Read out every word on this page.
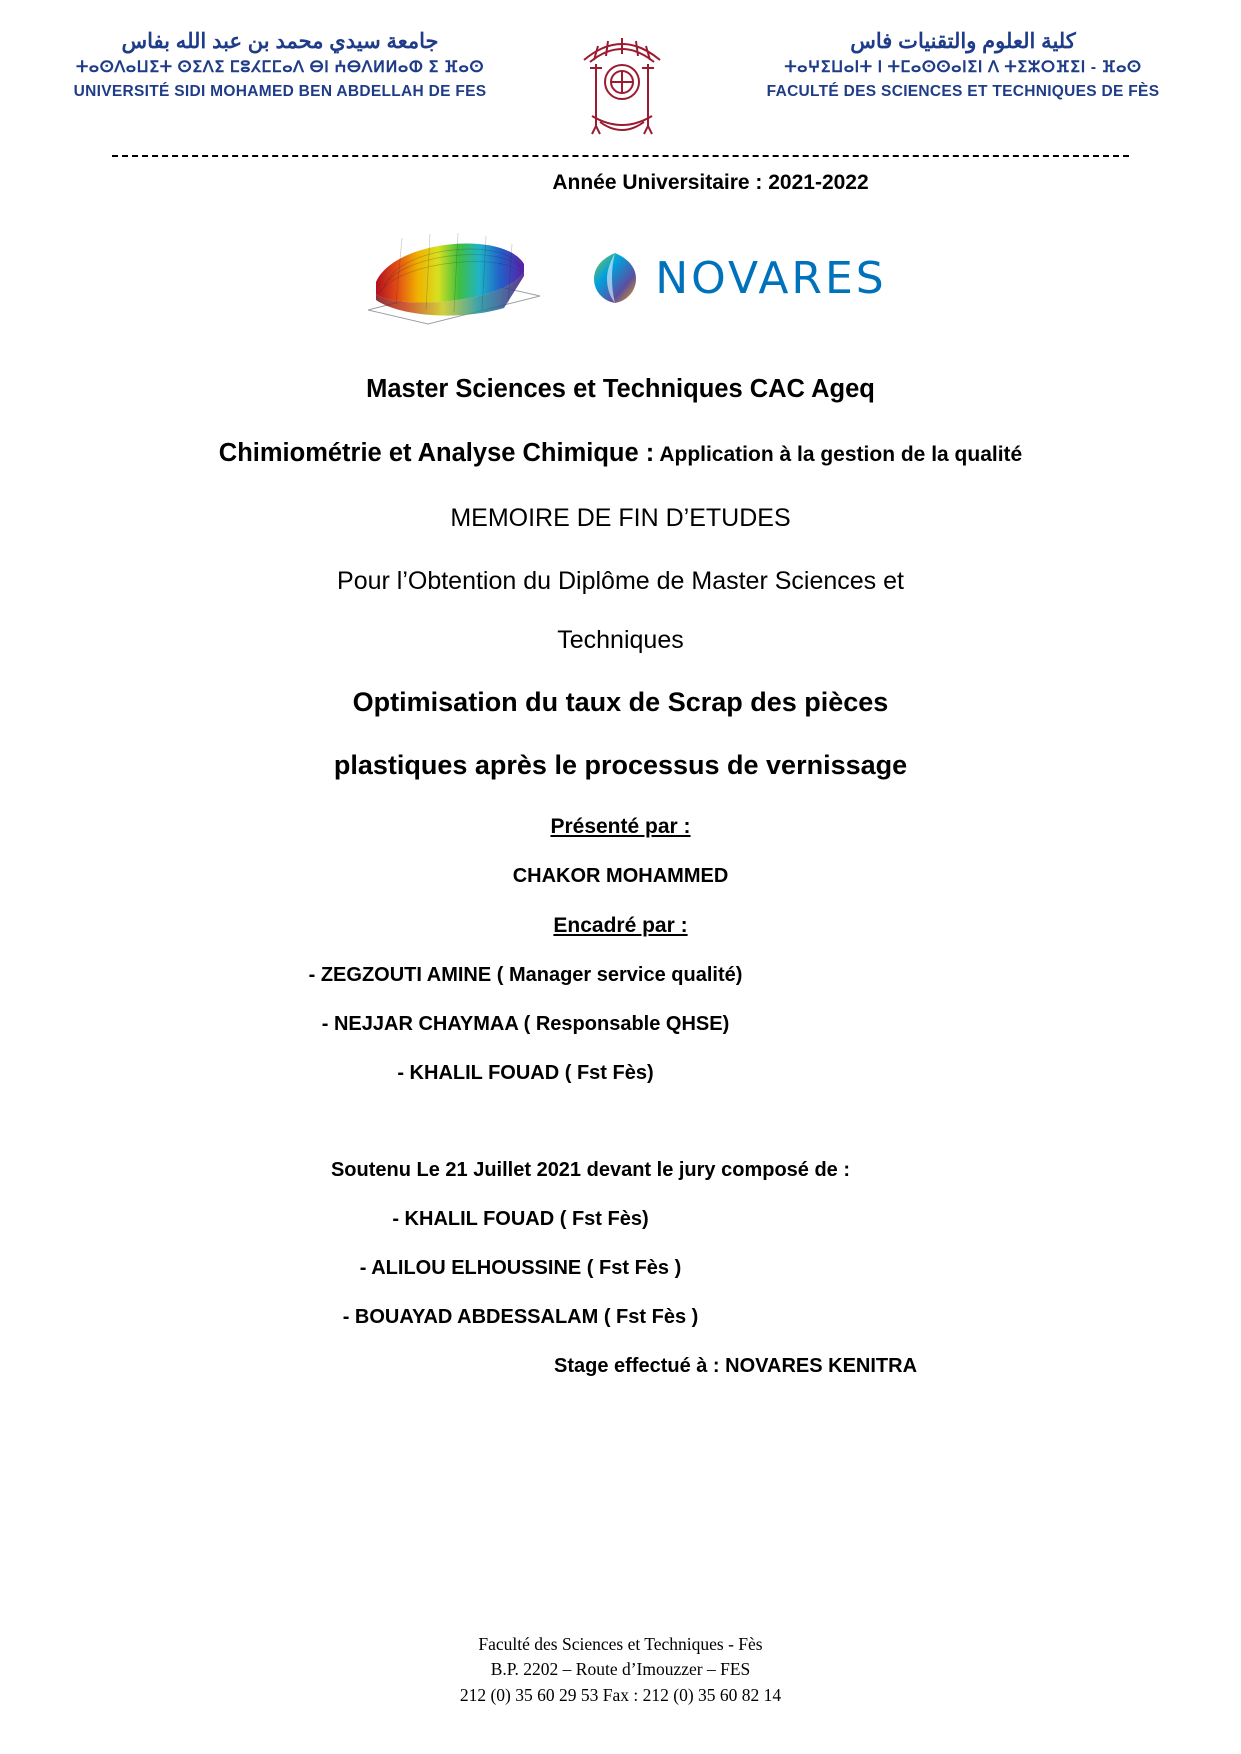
جامعة سيدي محمد بن عبد الله بفاس
ⵜⴰⵙⴷⴰⵡⵉⵜ ⵙⵉⴷⵉ ⵎⵓⵃⵎⵎⴰⴷ ⴱⵏ ⵄⴱⴷⵍⵍⴰⵀ ⵉ ⴼⴰⵙ
UNIVERSITÉ SIDI MOHAMED BEN ABDELLAH DE FES
كلية العلوم والتقنيات فاس
ⵜⴰⵖⵉⵡⴰⵏⵜ ⵏ ⵜⵎⴰⵙⵙⴰⵏⵉⵏ ⴷ ⵜⵉⵣⵔⴼⵉⵏ - ⴼⴰⵙ
FACULTÉ DES SCIENCES ET TECHNIQUES DE FÈS
Année Universitaire : 2021-2022
NOVARES
Master Sciences et Techniques CAC Ageq
Chimiométrie et Analyse Chimique : Application à la gestion de la qualité
MEMOIRE DE FIN D’ETUDES
Pour l’Obtention du Diplôme de Master Sciences et
Techniques
Optimisation du taux de Scrap des pièces
plastiques après le processus de vernissage
Présenté par :
CHAKOR MOHAMMED
Encadré par :
- ZEGZOUTI AMINE ( Manager service qualité)
- NEJJAR CHAYMAA ( Responsable QHSE)
- KHALIL FOUAD ( Fst Fès)
Soutenu Le 21 Juillet 2021 devant le jury composé de :
- KHALIL FOUAD ( Fst Fès)
- ALILOU ELHOUSSINE ( Fst Fès )
- BOUAYAD ABDESSALAM ( Fst Fès )
Stage effectué à : NOVARES KENITRA
Faculté des Sciences et Techniques - Fès
B.P. 2202 – Route d’Imouzzer – FES
212 (0) 35 60 29 53 Fax : 212 (0) 35 60 82 14
